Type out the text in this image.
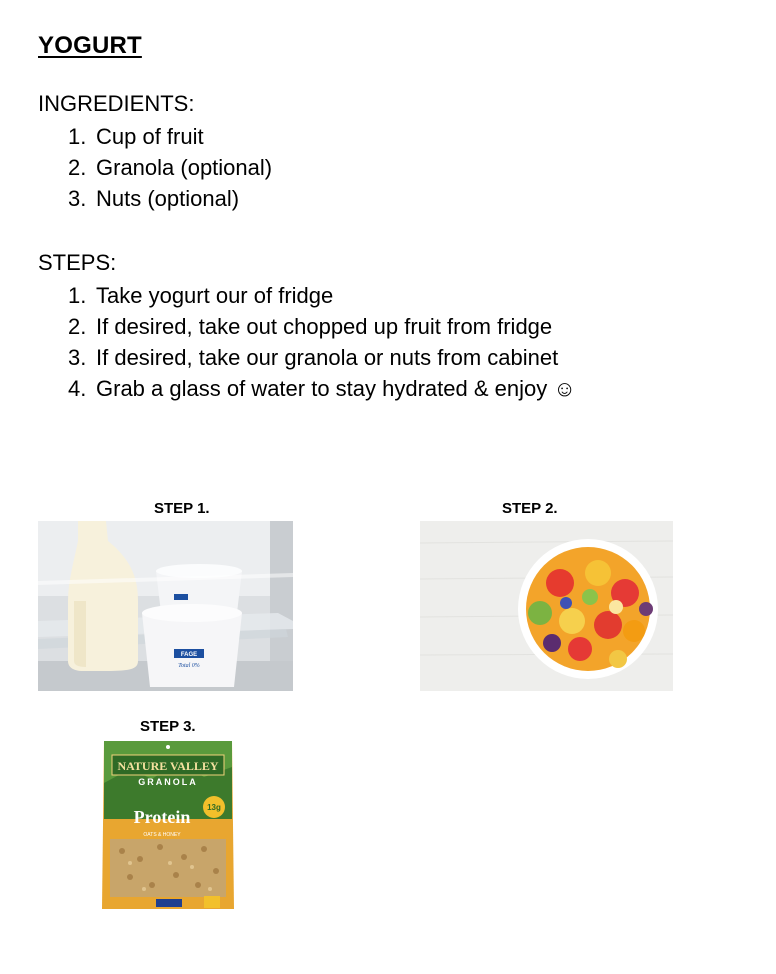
YOGURT
INGREDIENTS:
1. Cup of fruit
2. Granola (optional)
3. Nuts (optional)
STEPS:
1. Take yogurt our of fridge
2. If desired, take out chopped up fruit from fridge
3. If desired, take our granola or nuts from cabinet
4. Grab a glass of water to stay hydrated & enjoy ☺
STEP 1.
FAGE
Total 0%
STEP 2.
STEP 3.
NATURE VALLEY
GRANOLA
13g
Protein
OATS & HONEY
